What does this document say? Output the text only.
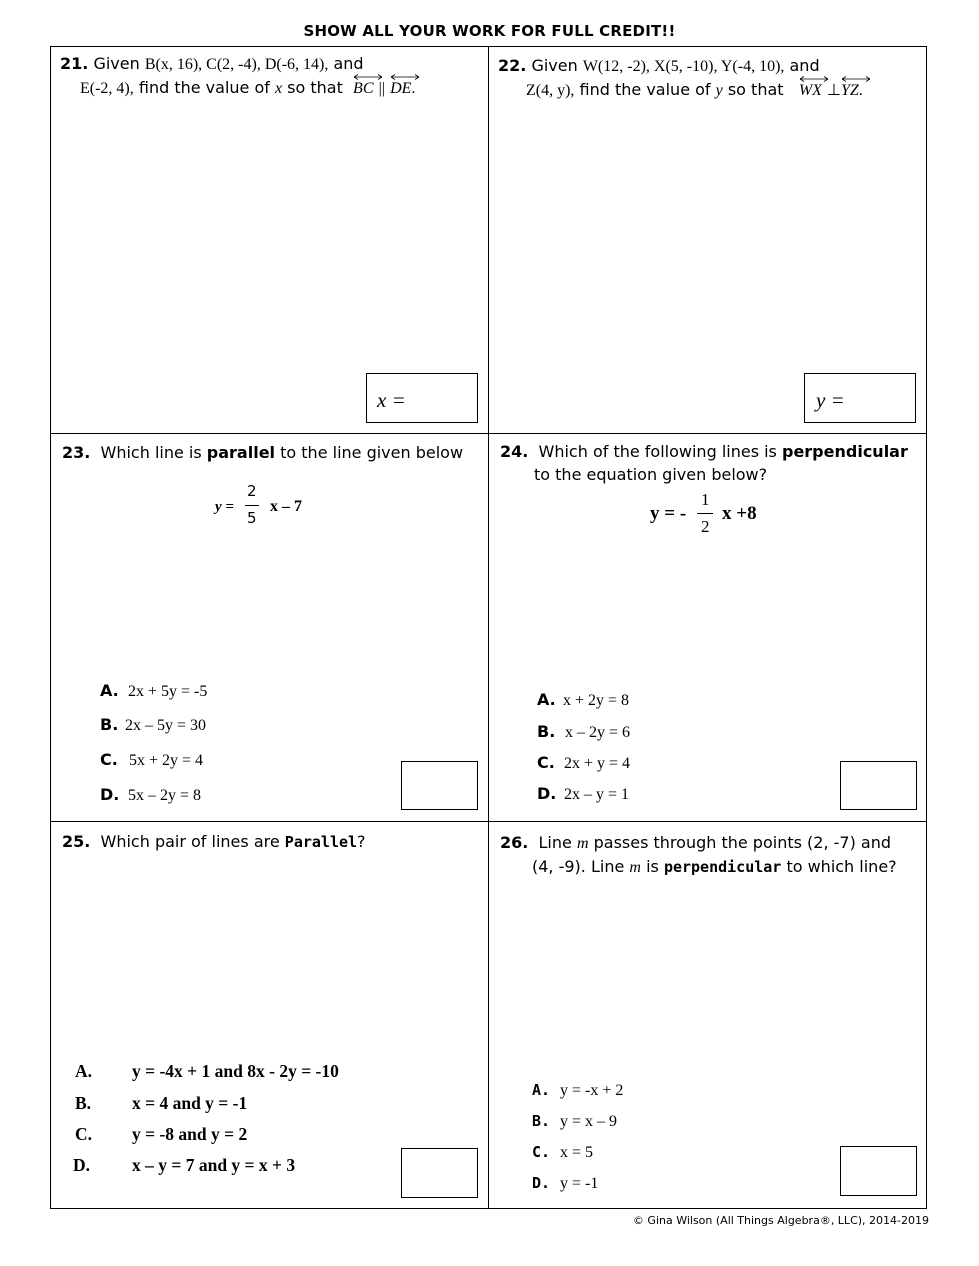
SHOW ALL YOUR WORK FOR FULL CREDIT!!
21. Given B(x, 16), C(2, -4), D(-6, 14), and
E(-2, 4), find the value of x so that BC || DE.
x =
22. Given W(12, -2), X(5, -10), Y(-4, 10), and
Z(4, y), find the value of y so that WX ⊥
YZ.
y =
23. Which line is parallel to the line given below
y =
2
5
x – 7
A. 2x + 5y = -5
B. 2x – 5y = 30
C. 5x + 2y = 4
D. 5x – 2y = 8
24. Which of the following lines is perpendicular
to the equation given below?
y = -
1
2
x +8
A. x + 2y = 8
B. x – 2y = 6
C. 2x + y = 4
D. 2x – y = 1
25. Which pair of lines are Parallel?
A. y = -4x + 1 and 8x - 2y = -10
B. x = 4 and y = -1
C. y = -8 and y = 2
D. x – y = 7 and y = x + 3
26. Line m passes through the points (2, -7) and
(4, -9). Line m is perpendicular to which line?
A. y = -x + 2
B. y = x – 9
C. x = 5
D. y = -1
© Gina Wilson (All Things Algebra®, LLC), 2014-2019
